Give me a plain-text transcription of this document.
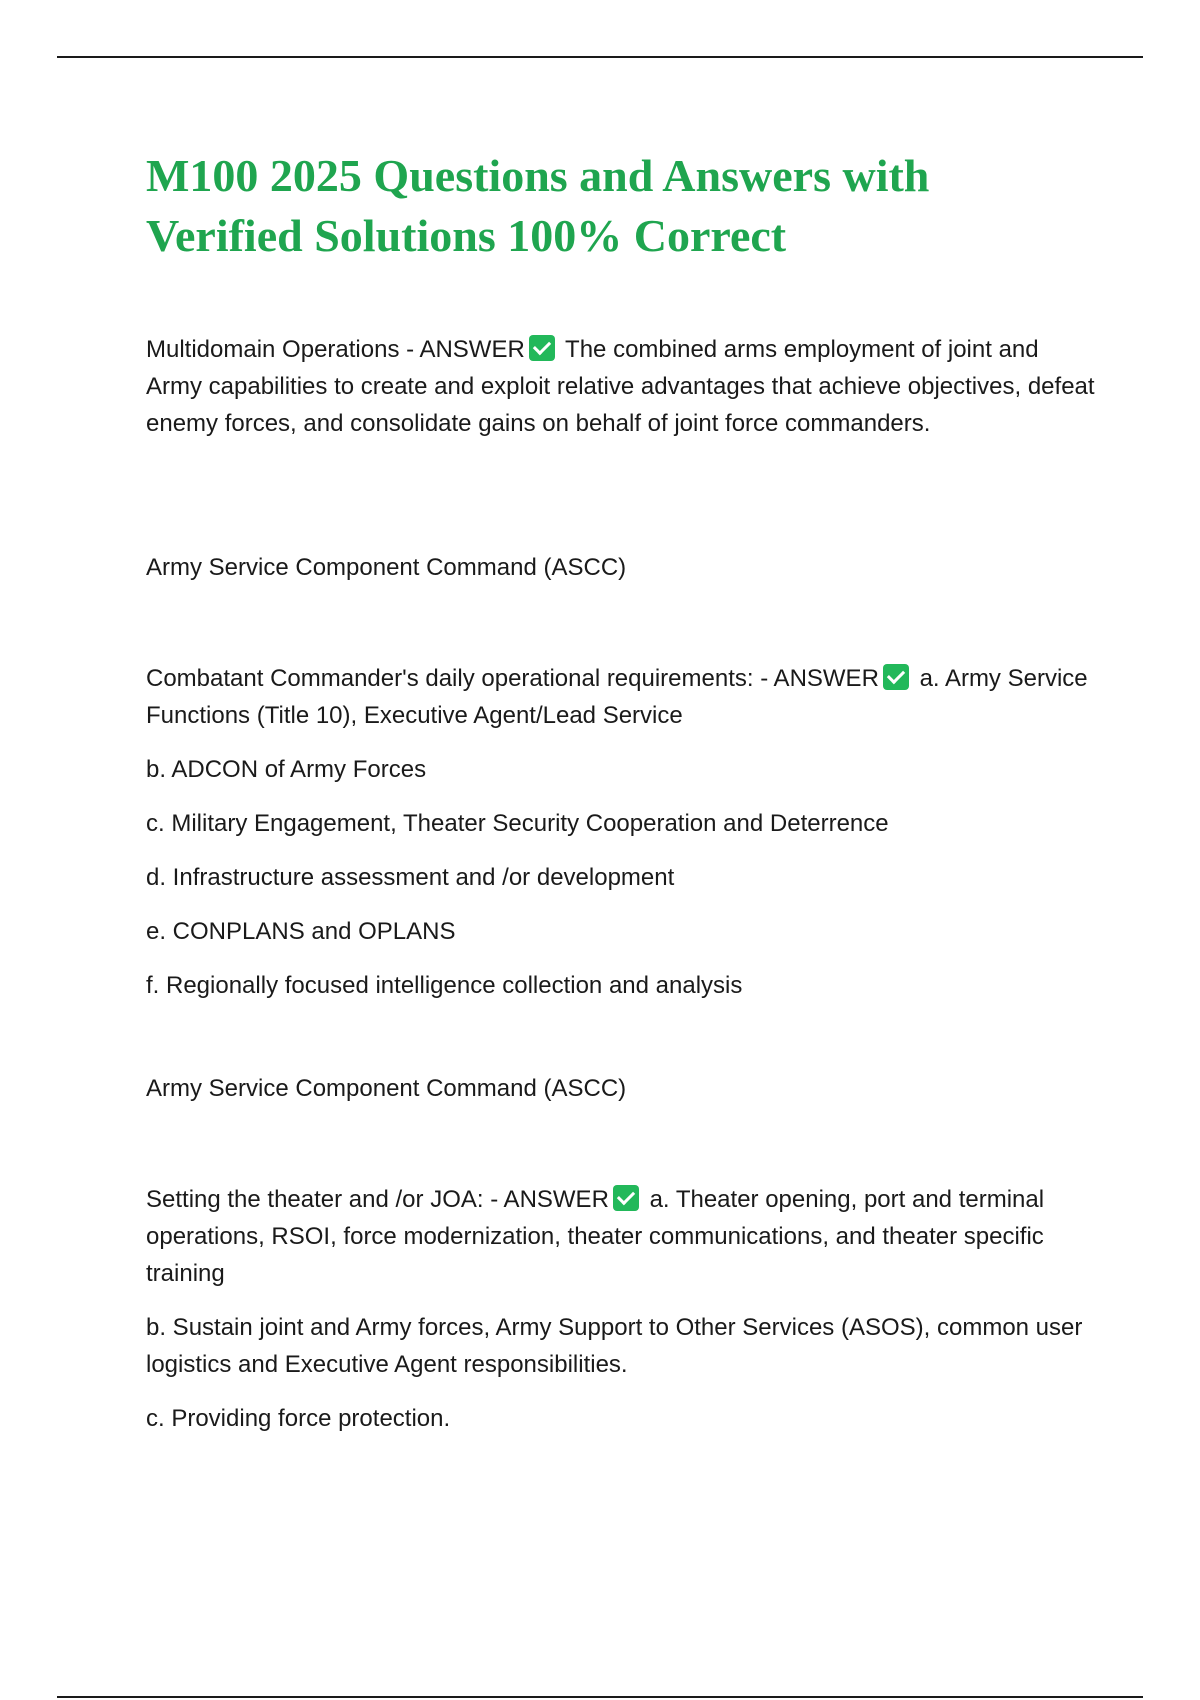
M100 2025 Questions and Answers with Verified Solutions 100% Correct

Multidomain Operations - ANSWER The combined arms employment of joint and Army capabilities to create and exploit relative advantages that achieve objectives, defeat enemy forces, and consolidate gains on behalf of joint force commanders.

Army Service Component Command (ASCC)

Combatant Commander's daily operational requirements: - ANSWER a. Army Service Functions (Title 10), Executive Agent/Lead Service

b. ADCON of Army Forces

c. Military Engagement, Theater Security Cooperation and Deterrence

d. Infrastructure assessment and /or development

e. CONPLANS and OPLANS

f. Regionally focused intelligence collection and analysis

Army Service Component Command (ASCC)

Setting the theater and /or JOA: - ANSWER a. Theater opening, port and terminal operations, RSOI, force modernization, theater communications, and theater specific training

b. Sustain joint and Army forces, Army Support to Other Services (ASOS), common user logistics and Executive Agent responsibilities.

c. Providing force protection.
